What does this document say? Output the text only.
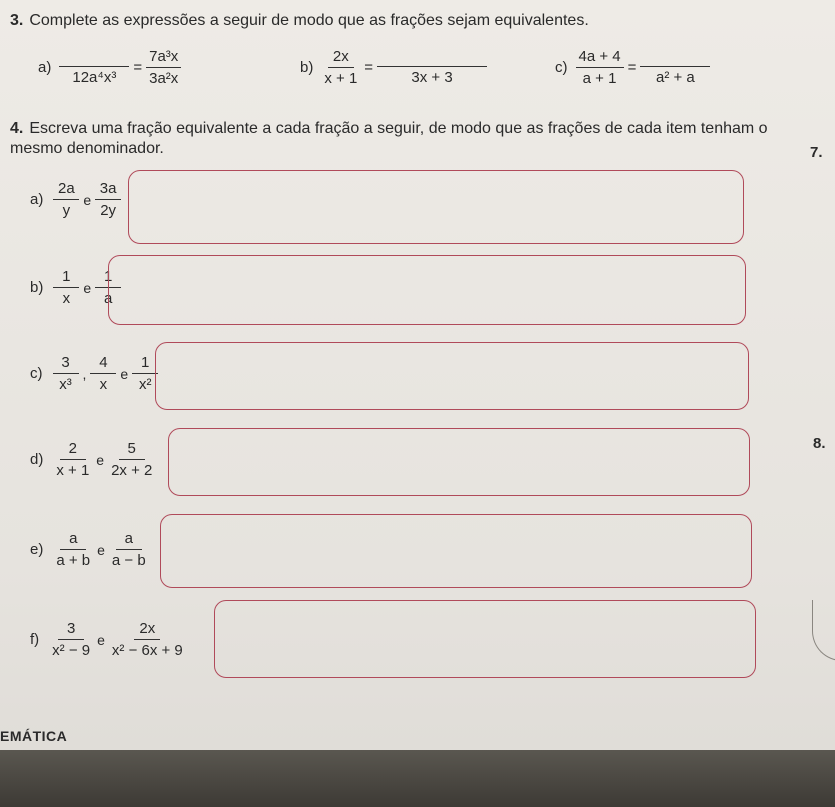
3. Complete as expressões a seguir de modo que as frações sejam equivalentes.
a)
12a⁴x³
= $\frac{\text{7a³x}}{\text{3a²x}}$	$b) \frac{2x}{x + 1}$ =
3x + 3
$c) \frac{4a + 4}{a + 1}$ =
a² + a
4. Escreva uma fração equivalente a cada fração a seguir, de modo que as frações de cada item tenham o mesmo denominador.	7.
8.
$a) \frac{2a}{y}$ e $\frac{3a}{2y}$
$b) \frac{1}{x}$ e $\frac{1}{a}$
$c) \frac{3}{\text{x³}}$ , $\frac{4}{x}$ e $\frac{1}{\text{x²}}$
$d) \frac{2}{x + 1}$ e $\frac{5}{2x + 2}$
$e) \frac{a}{a + b}$ e $\frac{a}{a - b}$
$f) \frac{3}{\text{x² − 9}}$ e $\frac{2x}{\text{x² − 6x + 9}}$
EMÁTICA
